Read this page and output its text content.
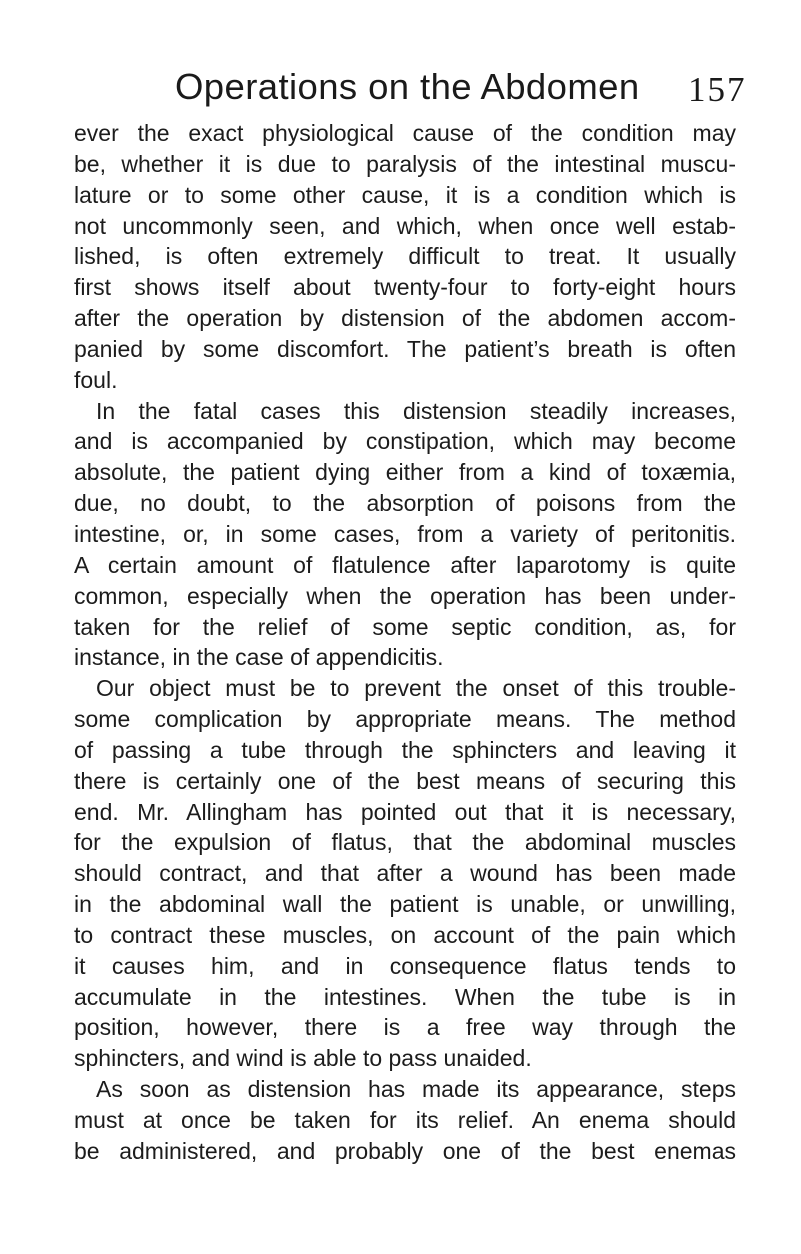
Operations on the Abdomen 157
ever the exact physiological cause of the condition may
be, whether it is due to paralysis of the intestinal muscu-
lature or to some other cause, it is a condition which is
not uncommonly seen, and which, when once well estab-
lished, is often extremely difficult to treat. It usually
first shows itself about twenty-four to forty-eight hours
after the operation by distension of the abdomen accom-
panied by some discomfort. The patient’s breath is often
foul.
In the fatal cases this distension steadily increases,
and is accompanied by constipation, which may become
absolute, the patient dying either from a kind of toxæmia,
due, no doubt, to the absorption of poisons from the
intestine, or, in some cases, from a variety of peritonitis.
A certain amount of flatulence after laparotomy is quite
common, especially when the operation has been under-
taken for the relief of some septic condition, as, for
instance, in the case of appendicitis.
Our object must be to prevent the onset of this trouble-
some complication by appropriate means. The method
of passing a tube through the sphincters and leaving it
there is certainly one of the best means of securing this
end. Mr. Allingham has pointed out that it is necessary,
for the expulsion of flatus, that the abdominal muscles
should contract, and that after a wound has been made
in the abdominal wall the patient is unable, or unwilling,
to contract these muscles, on account of the pain which
it causes him, and in consequence flatus tends to
accumulate in the intestines. When the tube is in
position, however, there is a free way through the
sphincters, and wind is able to pass unaided.
As soon as distension has made its appearance, steps
must at once be taken for its relief. An enema should
be administered, and probably one of the best enemas
